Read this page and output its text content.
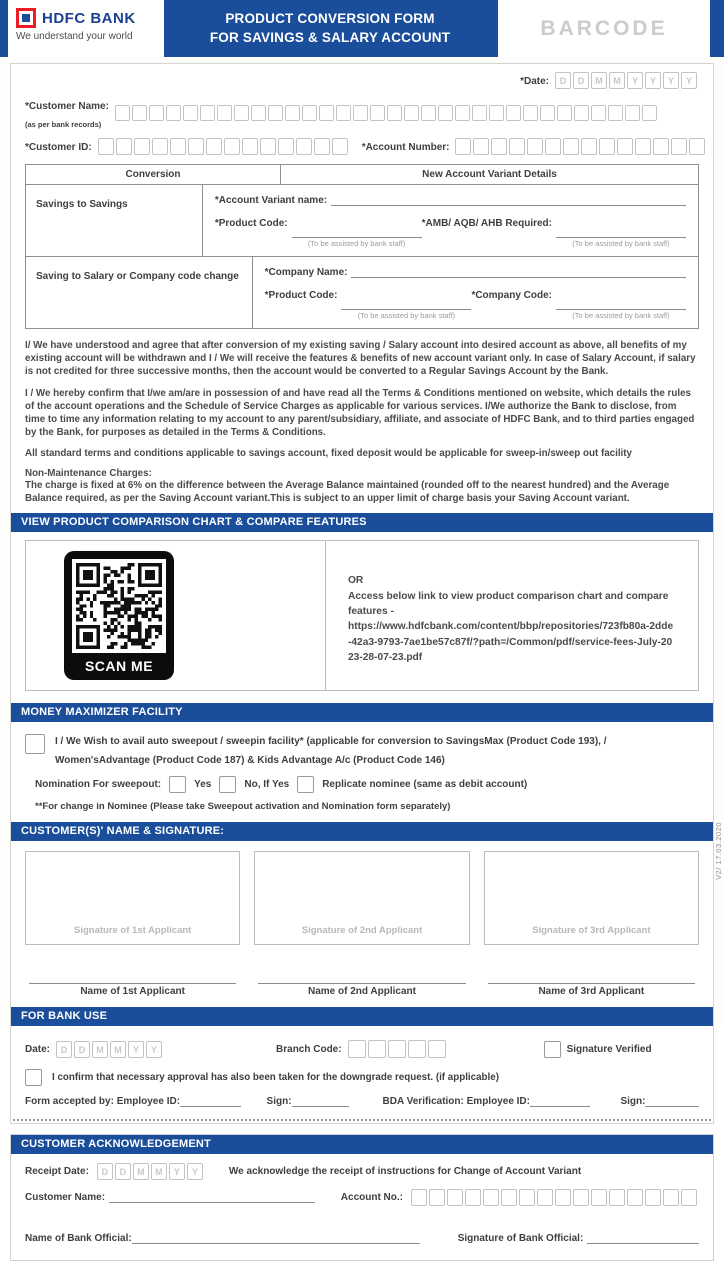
HDFC BANK
We understand your world
PRODUCT CONVERSION FORM
FOR SAVINGS & SALARY ACCOUNT	BARCODE
*Date:	D D M M Y Y Y Y
*Customer Name:
(as per bank records)
*Customer ID:	*Account Number:
Conversion	New Account Variant Details
Savings to Savings	*Account Variant name:
*Product Code:
(To be assisted by bank staff)
*AMB/ AQB/ AHB Required:
(To be assisted by bank staff)
Saving to Salary or Company code change	*Company Name:
*Product Code:
(To be assisted by bank staff)
*Company Code:
(To be assisted by bank staff)

I/ We have understood and agree that after conversion of my existing saving / Salary account into desired account as above, all benefits of my existing account will be withdrawn and I / We will receive the features & benefits of new account variant only. In case of Salary Account, if salary is not credited for three successive months, then the account would be converted to a Regular Savings Account by the Bank.

I / We hereby confirm that I/we am/are in possession of and have read all the Terms & Conditions mentioned on website, which details the rules of the account operations and the Schedule of Service Charges as applicable for various services. I/We authorize the Bank to disclose, from time to time any information relating to my account to any parent/subsidiary, affiliate, and associate of HDFC Bank, and to third parties engaged by the Bank, for purposes as detailed in the Terms & Conditions.

All standard terms and conditions applicable to savings account, fixed deposit would be applicable for sweep-in/sweep out facility

Non-Maintenance Charges:
The charge is fixed at 6% on the difference between the Average Balance maintained (rounded off to the nearest hundred) and the Average Balance required, as per the Saving Account variant.This is subject to an upper limit of charge basis your Saving Account variant.
VIEW PRODUCT COMPARISON CHART & COMPARE FEATURES
SCAN ME
OR
Access below link to view product comparison chart and compare features -
https://www.hdfcbank.com/content/bbp/repositories/723fb80a-2dde-42a3-9793-7ae1be57c87f/?path=/Common/pdf/service-fees-July-2023-28-07-23.pdf
MONEY MAXIMIZER FACILITY
I / We Wish to avail auto sweepout / sweepin facility* (applicable for conversion to SavingsMax (Product Code 193), / Women'sAdvantage (Product Code 187) & Kids Advantage A/c (Product Code 146)
Nomination For sweepout:	Yes	No, If Yes	Replicate nominee (same as debit account)
**For change in Nominee (Please take Sweepout activation and Nomination form separately)
CUSTOMER(S)' NAME & SIGNATURE:
Signature of 1st Applicant
Name of 1st Applicant
Signature of 2nd Applicant
Name of 2nd Applicant
Signature of 3rd Applicant
Name of 3rd Applicant
FOR BANK USE
Date:	D D M M Y Y	Branch Code:	Signature Verified
I confirm that necessary approval has also been taken for the downgrade request. (if applicable)
Form accepted by: Employee ID:	Sign:	BDA Verification: Employee ID:	Sign:
CUSTOMER ACKNOWLEDGEMENT
Receipt Date:	D D M M Y Y	We acknowledge the receipt of instructions for Change of Account Variant
Customer Name:	Account No.:
Name of Bank Official:	Signature of Bank Official:
V2/ 17.03.2020
